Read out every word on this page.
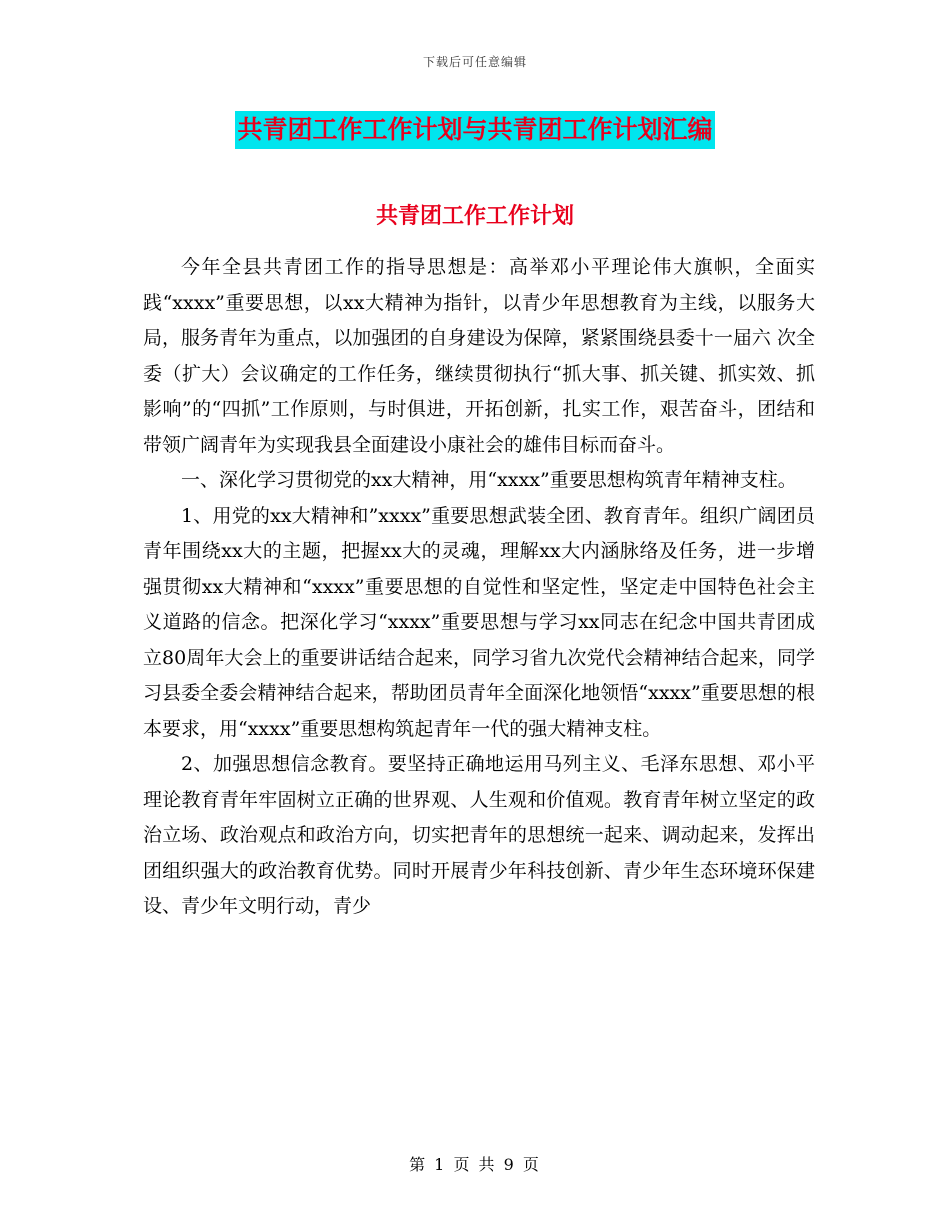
下载后可任意编辑
共青团工作工作计划与共青团工作计划汇编
共青团工作工作计划

今年全县共青团工作的指导思想是：高举邓小平理论伟大旗帜，全面实践“xxxx”重要思想，以xx大精神为指针，以青少年思想教育为主线，以服务大局，服务青年为重点，以加强团的自身建设为保障，紧紧围绕县委十一届六 次全委（扩大）会议确定的工作任务，继续贯彻执行“抓大事、抓关键、抓实效、抓影响”的“四抓”工作原则，与时俱进，开拓创新，扎实工作，艰苦奋斗，团结和带领广阔青年为实现我县全面建设小康社会的雄伟目标而奋斗。

一、深化学习贯彻党的xx大精神，用“xxxx”重要思想构筑青年精神支柱。

1、用党的xx大精神和”xxxx”重要思想武装全团、教育青年。组织广阔团员青年围绕xx大的主题，把握xx大的灵魂，理解xx大内涵脉络及任务，进一步增强贯彻xx大精神和“xxxx”重要思想的自觉性和坚定性，坚定走中国特色社会主义道路的信念。把深化学习“xxxx”重要思想与学习xx同志在纪念中国共青团成立80周年大会上的重要讲话结合起来，同学习省九次党代会精神结合起来，同学习县委全委会精神结合起来，帮助团员青年全面深化地领悟“xxxx”重要思想的根本要求，用“xxxx”重要思想构筑起青年一代的强大精神支柱。

2、加强思想信念教育。要坚持正确地运用马列主义、毛泽东思想、邓小平理论教育青年牢固树立正确的世界观、人生观和价值观。教育青年树立坚定的政治立场、政治观点和政治方向，切实把青年的思想统一起来、调动起来，发挥出团组织强大的政治教育优势。同时开展青少年科技创新、青少年生态环境环保建设、青少年文明行动，青少

第 1 页 共 9 页
